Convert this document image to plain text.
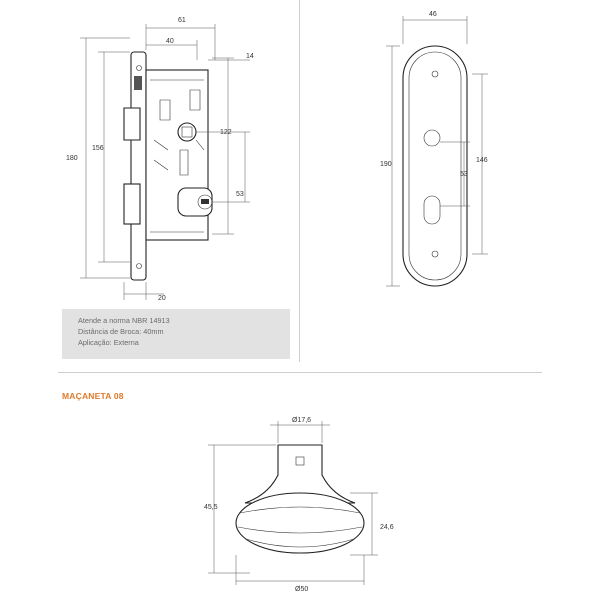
61
40
14
180
156
122
53
20
46
190
146
53
Atende a norma NBR 14913
Distância de Broca: 40mm
Aplicação: Externa
MAÇANETA 08
Ø17,6
45,5
24,6
Ø50
